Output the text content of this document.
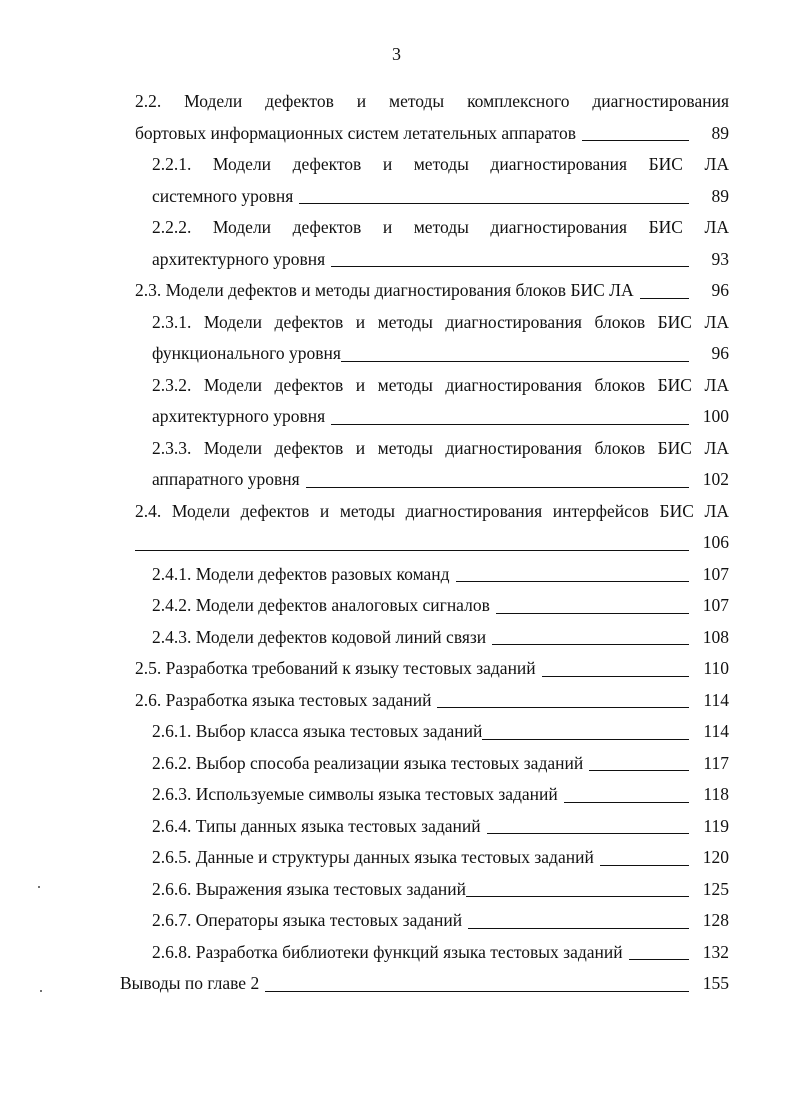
3
2.2. Модели дефектов и методы комплексного диагностирования
бортовых информационных систем летательных аппаратов	89
2.2.1. Модели дефектов и методы диагностирования БИС ЛА
системного уровня	89
2.2.2. Модели дефектов и методы диагностирования БИС ЛА
архитектурного уровня	93
2.3. Модели дефектов и методы диагностирования блоков БИС ЛА	96
2.3.1. Модели дефектов и методы диагностирования блоков БИС ЛА
функционального уровня	96
2.3.2. Модели дефектов и методы диагностирования блоков БИС ЛА
архитектурного уровня	100
2.3.3. Модели дефектов и методы диагностирования блоков БИС ЛА
аппаратного уровня	102
2.4. Модели дефектов и методы диагностирования интерфейсов БИС ЛА
106
2.4.1. Модели дефектов разовых команд	107
2.4.2. Модели дефектов аналоговых сигналов	107
2.4.3. Модели дефектов кодовой линий связи	108
2.5. Разработка требований к языку тестовых заданий	110
2.6. Разработка языка тестовых заданий	114
2.6.1. Выбор класса языка тестовых заданий	114
2.6.2. Выбор способа реализации языка тестовых заданий	117
2.6.3. Используемые символы языка тестовых заданий	118
2.6.4. Типы данных языка тестовых заданий	119
2.6.5. Данные и структуры данных языка тестовых заданий	120
2.6.6. Выражения языка тестовых заданий	125
2.6.7. Операторы языка тестовых заданий	128
2.6.8. Разработка библиотеки функций языка тестовых заданий	132
Выводы по главе 2	155
